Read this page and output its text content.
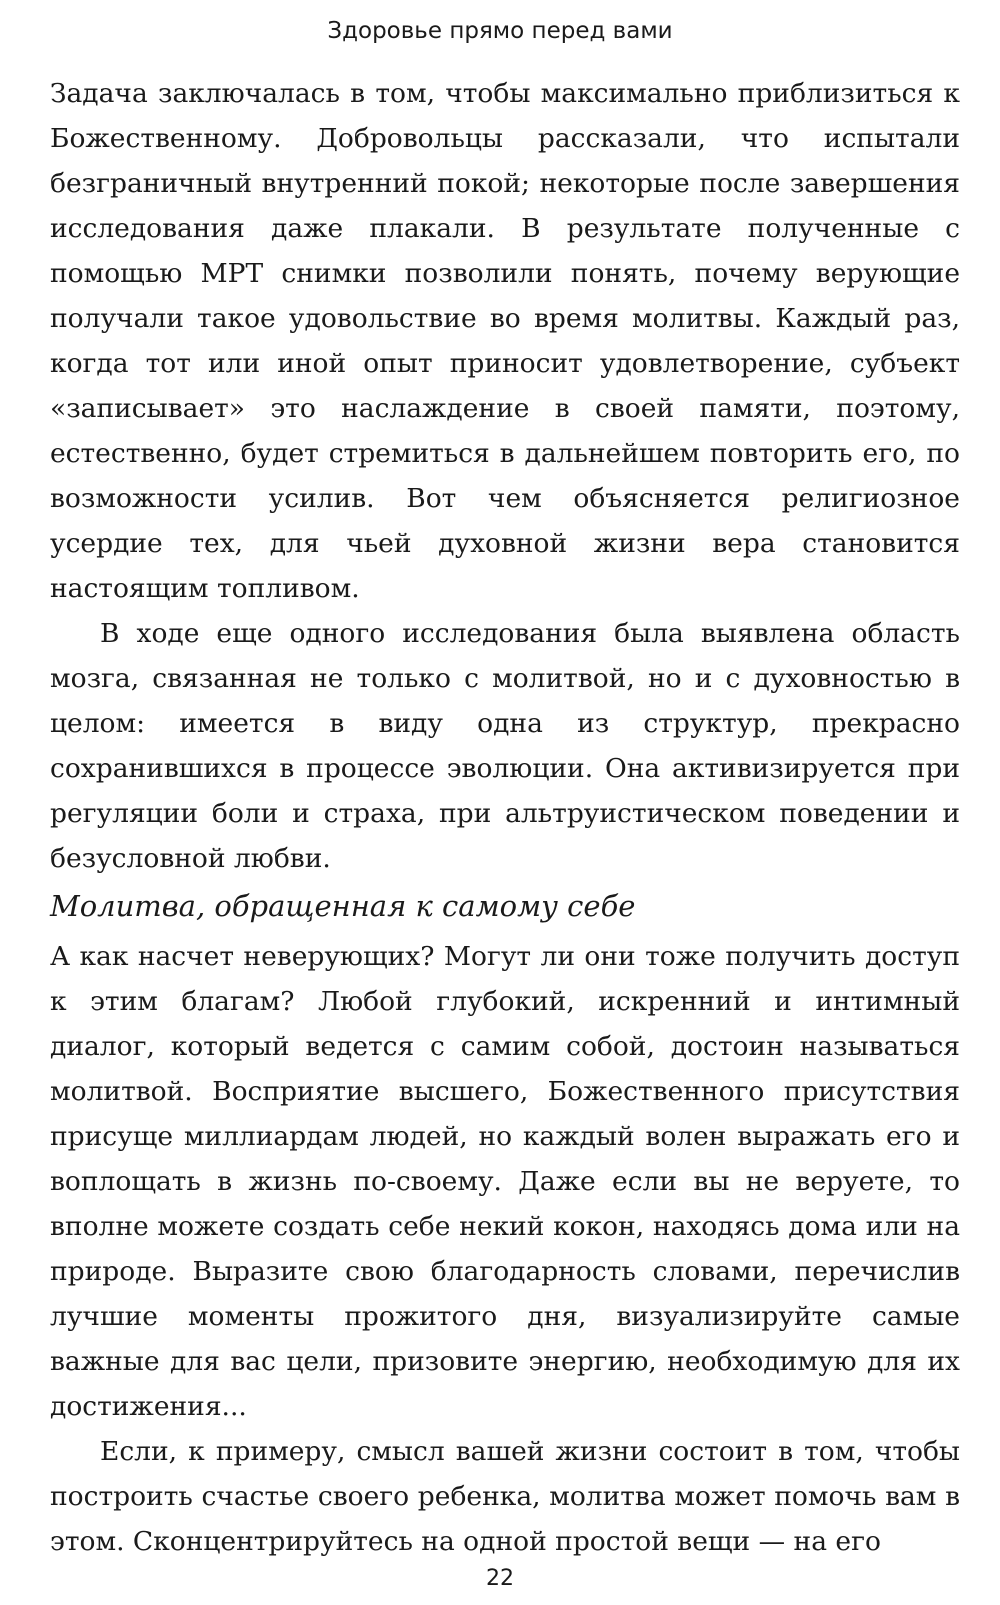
Здоровье прямо перед вами

Задача заключалась в том, чтобы максимально приблизиться к Божественному. Добровольцы рассказали, что испытали безграничный внутренний покой; некоторые после завершения исследования даже плакали. В результате полученные с помощью МРТ снимки позволили понять, почему верующие получали такое удовольствие во время молитвы. Каждый раз, когда тот или иной опыт приносит удовлетворение, субъект «записывает» это наслаждение в своей памяти, поэтому, естественно, будет стремиться в дальнейшем повторить его, по возможности усилив. Вот чем объясняется религиозное усердие тех, для чьей духовной жизни вера становится настоящим топливом.

В ходе еще одного исследования была выявлена область мозга, связанная не только с молитвой, но и с духовностью в целом: имеется в виду одна из структур, прекрасно сохранившихся в процессе эволюции. Она активизируется при регуляции боли и страха, при альтруистическом поведении и безусловной любви.

Молитва, обращенная к самому себе

А как насчет неверующих? Могут ли они тоже получить доступ к этим благам? Любой глубокий, искренний и интимный диалог, который ведется с самим собой, достоин называться молитвой. Восприятие высшего, Божественного присутствия присуще миллиардам людей, но каждый волен выражать его и воплощать в жизнь по-своему. Даже если вы не веруете, то вполне можете создать себе некий кокон, находясь дома или на природе. Выразите свою благодарность словами, перечислив лучшие моменты прожитого дня, визуализируйте самые важные для вас цели, призовите энергию, необходимую для их достижения...

Если, к примеру, смысл вашей жизни состоит в том, чтобы построить счастье своего ребенка, молитва может помочь вам в этом. Сконцентрируйтесь на одной простой вещи — на его

22
